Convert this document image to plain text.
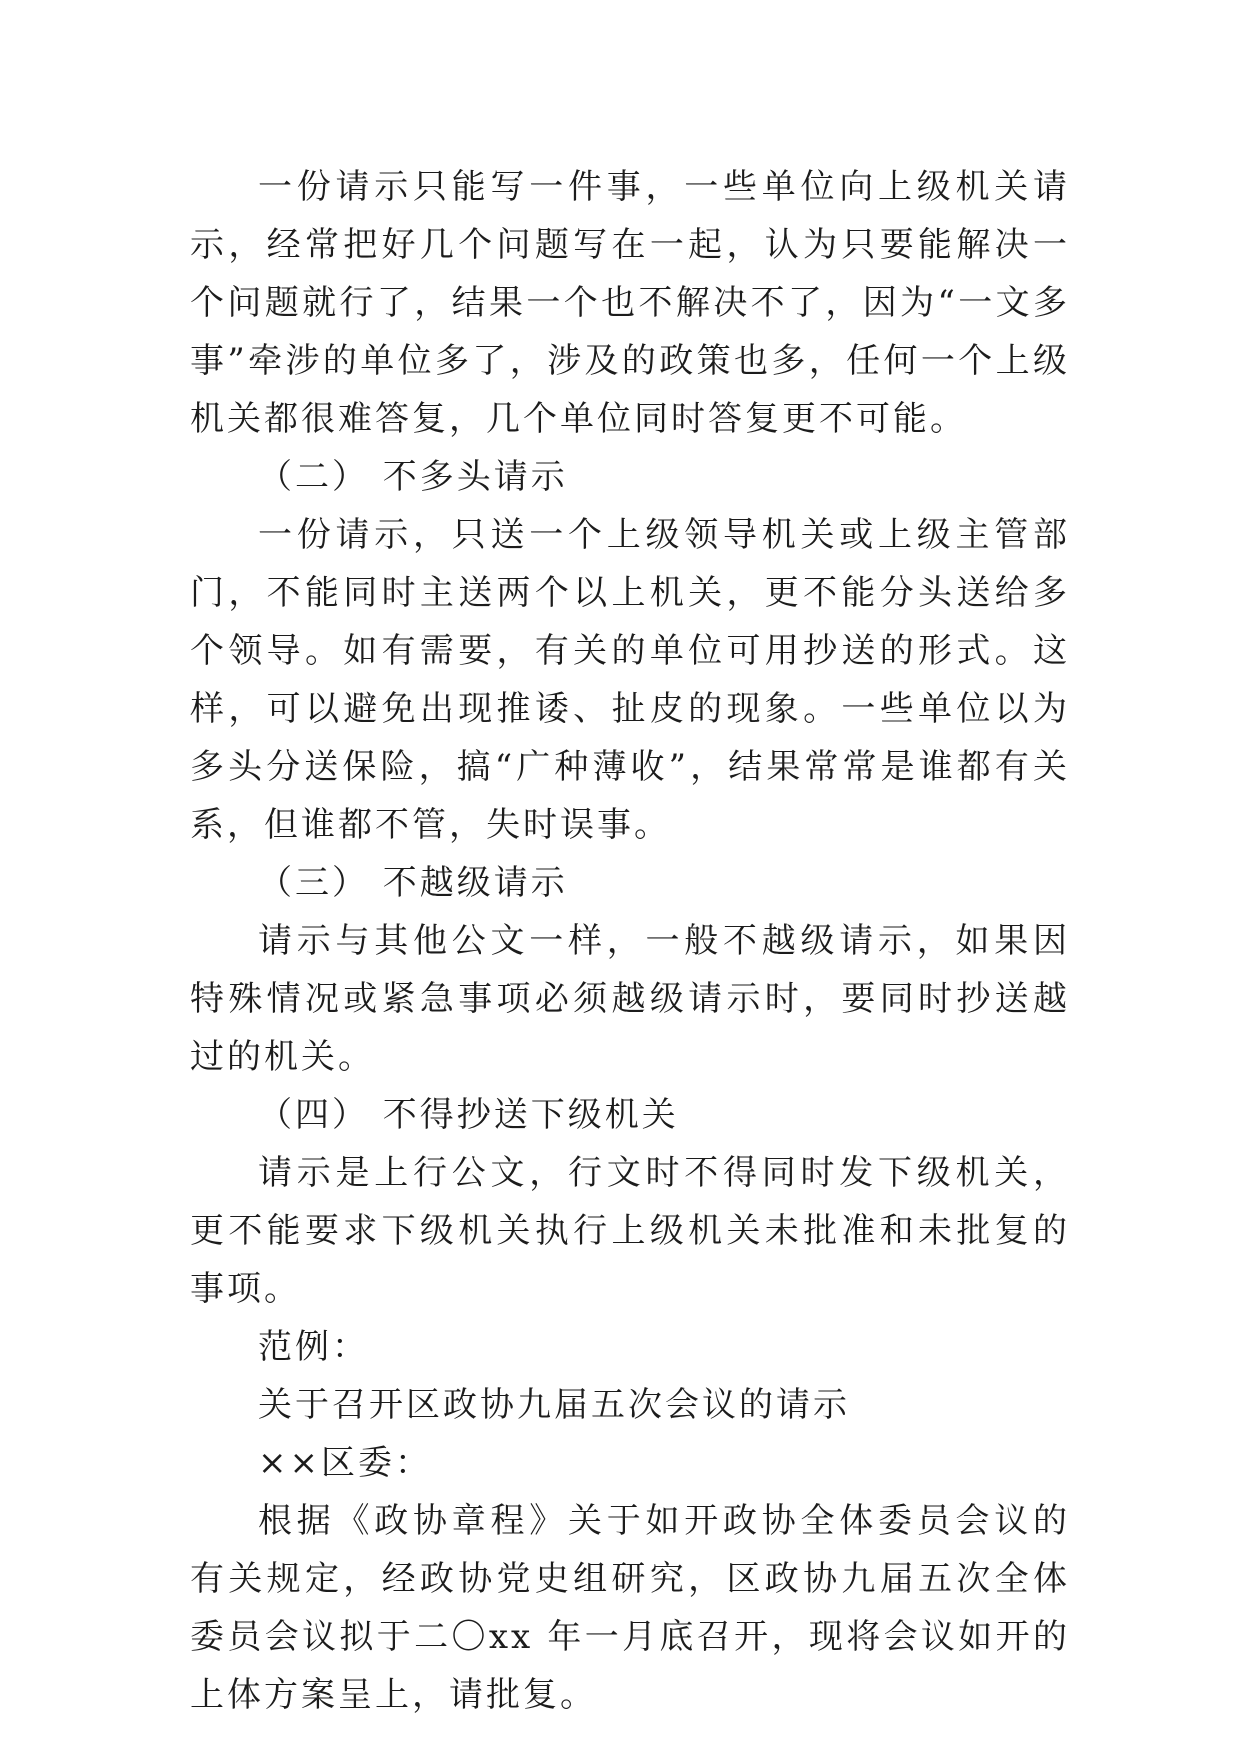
一份请示只能写一件事，一些单位向上级机关请示，经常把好几个问题写在一起，认为只要能解决一个问题就行了，结果一个也不解决不了，因为“一文多事”牵涉的单位多了，涉及的政策也多，任何一个上级机关都很难答复，几个单位同时答复更不可能。

（二） 不多头请示

一份请示，只送一个上级领导机关或上级主管部门，不能同时主送两个以上机关，更不能分头送给多个领导。如有需要，有关的单位可用抄送的形式。这样，可以避免出现推诿、扯皮的现象。一些单位以为多头分送保险，搞“广种薄收”，结果常常是谁都有关系，但谁都不管，失时误事。

（三） 不越级请示

请示与其他公文一样，一般不越级请示，如果因特殊情况或紧急事项必须越级请示时，要同时抄送越过的机关。

（四） 不得抄送下级机关

请示是上行公文，行文时不得同时发下级机关，更不能要求下级机关执行上级机关未批准和未批复的事项。

范例：

关于召开区政协九届五次会议的请示

××区委：

根据《政协章程》关于如开政协全体委员会议的有关规定，经政协党史组研究，区政协九届五次全体委员会议拟于二〇xx 年一月底召开，现将会议如开的上体方案呈上，请批复。
